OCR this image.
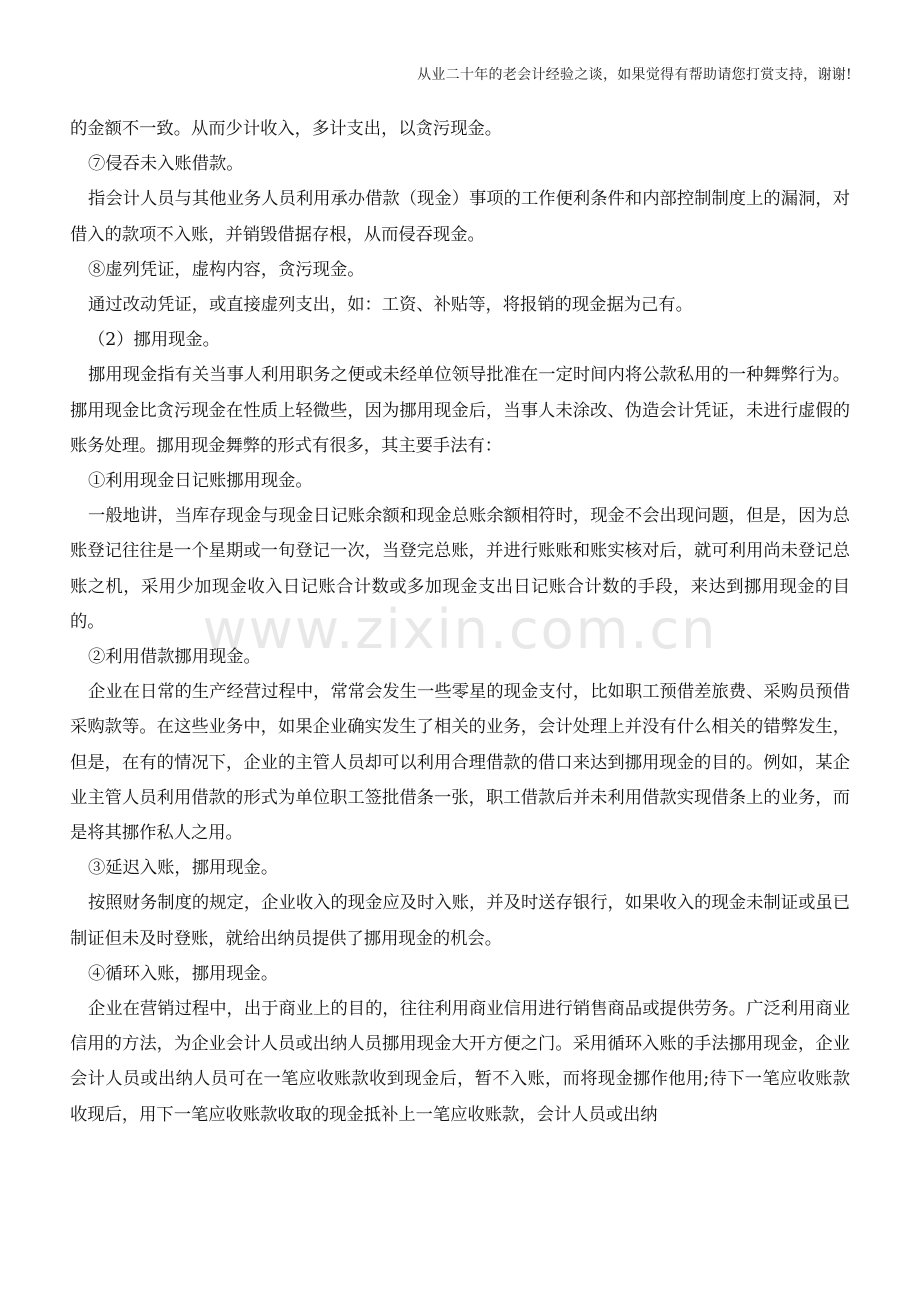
从业二十年的老会计经验之谈，如果觉得有帮助请您打赏支持，谢谢!

的金额不一致。从而少计收入，多计支出，以贪污现金。

⑦侵吞未入账借款。

指会计人员与其他业务人员利用承办借款（现金）事项的工作便利条件和内部控制制度上的漏洞，对借入的款项不入账，并销毁借据存根，从而侵吞现金。

⑧虚列凭证，虚构内容，贪污现金。

通过改动凭证，或直接虚列支出，如：工资、补贴等，将报销的现金据为己有。

（2）挪用现金。

挪用现金指有关当事人利用职务之便或未经单位领导批准在一定时间内将公款私用的一种舞弊行为。挪用现金比贪污现金在性质上轻微些，因为挪用现金后，当事人未涂改、伪造会计凭证，未进行虚假的账务处理。挪用现金舞弊的形式有很多，其主要手法有：

①利用现金日记账挪用现金。

一般地讲，当库存现金与现金日记账余额和现金总账余额相符时，现金不会出现问题，但是，因为总账登记往往是一个星期或一旬登记一次，当登完总账，并进行账账和账实核对后，就可利用尚未登记总账之机，采用少加现金收入日记账合计数或多加现金支出日记账合计数的手段，来达到挪用现金的目的。

②利用借款挪用现金。

企业在日常的生产经营过程中，常常会发生一些零星的现金支付，比如职工预借差旅费、采购员预借采购款等。在这些业务中，如果企业确实发生了相关的业务，会计处理上并没有什么相关的错弊发生，但是，在有的情况下，企业的主管人员却可以利用合理借款的借口来达到挪用现金的目的。例如，某企业主管人员利用借款的形式为单位职工签批借条一张，职工借款后并未利用借款实现借条上的业务，而是将其挪作私人之用。

③延迟入账，挪用现金。

按照财务制度的规定，企业收入的现金应及时入账，并及时送存银行，如果收入的现金未制证或虽已制证但未及时登账，就给出纳员提供了挪用现金的机会。

④循环入账，挪用现金。

企业在营销过程中，出于商业上的目的，往往利用商业信用进行销售商品或提供劳务。广泛利用商业信用的方法，为企业会计人员或出纳人员挪用现金大开方便之门。采用循环入账的手法挪用现金，企业会计人员或出纳人员可在一笔应收账款收到现金后，暂不入账，而将现金挪作他用;待下一笔应收账款收现后，用下一笔应收账款收取的现金抵补上一笔应收账款，会计人员或出纳

www.zixin.com.cn
